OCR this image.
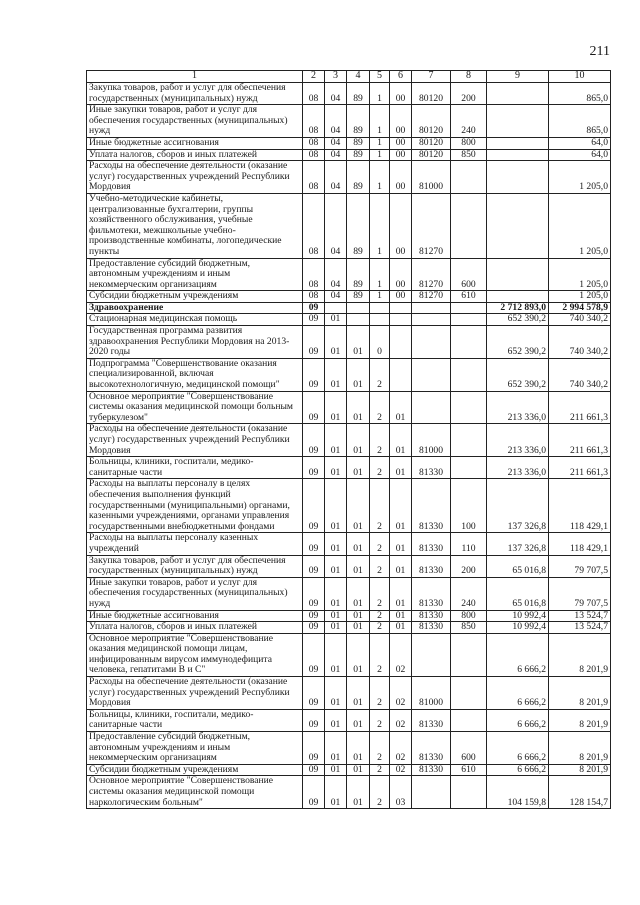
211
1	2	3	4	5	6	7	8	9	10
Закупка товаров, работ и услуг для обеспечения государственных (муниципальных) нужд	08	04	89	1	00	80120	200		865,0
Иные закупки товаров, работ и услуг для обеспечения государственных (муниципальных) нужд	08	04	89	1	00	80120	240		865,0
Иные бюджетные ассигнования	08	04	89	1	00	80120	800		64,0
Уплата налогов, сборов и иных платежей	08	04	89	1	00	80120	850		64,0
Расходы на обеспечение деятельности (оказание услуг) государственных учреждений Республики Мордовия	08	04	89	1	00	81000			1 205,0
Учебно-методические кабинеты, централизованные бухгалтерии, группы хозяйственного обслуживания, учебные фильмотеки, межшкольные учебно-производственные комбинаты, логопедические пункты	08	04	89	1	00	81270			1 205,0
Предоставление субсидий бюджетным, автономным учреждениям и иным некоммерческим организациям	08	04	89	1	00	81270	600		1 205,0
Субсидии бюджетным учреждениям	08	04	89	1	00	81270	610		1 205,0
Здравоохранение	09							2 712 893,0	2 994 578,9
Стационарная медицинская помощь	09	01						652 390,2	740 340,2
Государственная программа развития здравоохранения Республики Мордовия на 2013-2020 годы	09	01	01	0				652 390,2	740 340,2
Подпрограмма "Совершенствование оказания специализированной, включая высокотехнологичную, медицинской помощи"	09	01	01	2				652 390,2	740 340,2
Основное мероприятие "Совершенствование системы оказания медицинской помощи больным туберкулезом"	09	01	01	2	01			213 336,0	211 661,3
Расходы на обеспечение деятельности (оказание услуг) государственных учреждений Республики Мордовия	09	01	01	2	01	81000		213 336,0	211 661,3
Больницы, клиники, госпитали, медико-санитарные части	09	01	01	2	01	81330		213 336,0	211 661,3
Расходы на выплаты персоналу в целях обеспечения выполнения функций государственными (муниципальными) органами, казенными учреждениями, органами управления государственными внебюджетными фондами	09	01	01	2	01	81330	100	137 326,8	118 429,1
Расходы на выплаты персоналу казенных учреждений	09	01	01	2	01	81330	110	137 326,8	118 429,1
Закупка товаров, работ и услуг для обеспечения государственных (муниципальных) нужд	09	01	01	2	01	81330	200	65 016,8	79 707,5
Иные закупки товаров, работ и услуг для обеспечения государственных (муниципальных) нужд	09	01	01	2	01	81330	240	65 016,8	79 707,5
Иные бюджетные ассигнования	09	01	01	2	01	81330	800	10 992,4	13 524,7
Уплата налогов, сборов и иных платежей	09	01	01	2	01	81330	850	10 992,4	13 524,7
Основное мероприятие "Совершенствование оказания медицинской помощи лицам, инфицированным вирусом иммунодефицита человека, гепатитами В и С"	09	01	01	2	02			6 666,2	8 201,9
Расходы на обеспечение деятельности (оказание услуг) государственных учреждений Республики Мордовия	09	01	01	2	02	81000		6 666,2	8 201,9
Больницы, клиники, госпитали, медико-санитарные части	09	01	01	2	02	81330		6 666,2	8 201,9
Предоставление субсидий бюджетным, автономным учреждениям и иным некоммерческим организациям	09	01	01	2	02	81330	600	6 666,2	8 201,9
Субсидии бюджетным учреждениям	09	01	01	2	02	81330	610	6 666,2	8 201,9
Основное мероприятие "Совершенствование системы оказания медицинской помощи наркологическим больным"	09	01	01	2	03			104 159,8	128 154,7
